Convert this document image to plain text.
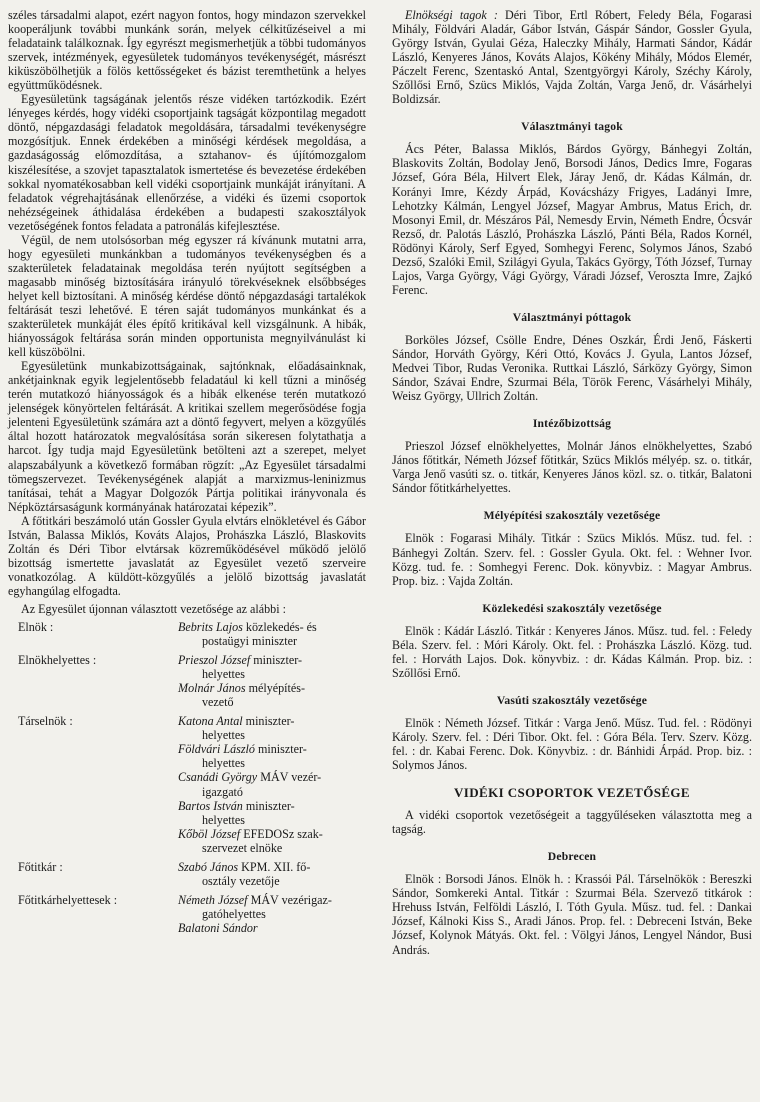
széles társadalmi alapot, ezért nagyon fontos, hogy mindazon szervekkel kooperáljunk további munkánk során, melyek célkitűzéseivel a mi feladataink találkoznak. Így egyrészt megismerhetjük a többi tudományos szervek, intézmények, egyesületek tudományos tevékenységét, másrészt kiküszöbölhetjük a fölös kettősségeket és bázist teremthetünk a helyes együttműködésnek.

Egyesületünk tagságának jelentős része vidéken tartózkodik. Ezért lényeges kérdés, hogy vidéki csoportjaink tagságát központilag megadott döntő, népgazdasági feladatok megoldására, társadalmi tevékenységre mozgósítjuk. Ennek érdekében a minőségi kérdések megoldása, a gazdaságosság előmozdítása, a sztahanov- és újítómozgalom kiszélesítése, a szovjet tapasztalatok ismertetése és bevezetése érdekében sokkal nyomatékosabban kell vidéki csoportjaink munkáját irányítani. A feladatok végrehajtásának ellenőrzése, a vidéki és üzemi csoportok nehézségeinek áthidalása érdekében a budapesti szakosztályok vezetőségének fontos feladata a patronálás kifejlesztése.

Végül, de nem utolsósorban még egyszer rá kívánunk mutatni arra, hogy egyesületi munkánkban a tudományos tevékenységben és a szakterületek feladatainak megoldása terén nyújtott segítségben a magasabb minőség biztosítására irányuló törekvéseknek elsőbbséges helyet kell biztosítani. A minőség kérdése döntő népgazdasági tartalékok feltárását teszi lehetővé. E téren saját tudományos munkánkat és a szakterületek munkáját éles építő kritikával kell vizsgálnunk. A hibák, hiányosságok feltárása során minden opportunista megnyilvánulást ki kell küszöbölni.

Egyesületünk munkabizottságainak, sajtónknak, előadásainknak, ankétjainknak egyik legjelentősebb feladatául ki kell tűzni a minőség terén mutatkozó hiányosságok és a hibák elkenése terén mutatkozó jelenségek könyörtelen feltárását. A kritikai szellem megerősödése fogja jelenteni Egyesületünk számára azt a döntő fegyvert, melyen a közgyűlés által hozott határozatok megvalósítása során sikeresen folytathatja a harcot. Így tudja majd Egyesületünk betölteni azt a szerepet, melyet alapszabályunk a következő formában rögzít: „Az Egyesület társadalmi tömegszervezet. Tevékenységének alapját a marxizmus-leninizmus tanításai, tehát a Magyar Dolgozók Pártja politikai irányvonala és Népköztársaságunk kormányának határozatai képezik”.

A főtitkári beszámoló után Gossler Gyula elvtárs elnökletével és Gábor István, Balassa Miklós, Kováts Alajos, Prohászka László, Blaskovits Zoltán és Déri Tibor elvtársak közreműködésével működő jelölő bizottság ismertette javaslatát az Egyesület vezető szerveire vonatkozólag. A küldött-közgyűlés a jelölő bizottság javaslatát egyhangúlag elfogadta.

Az Egyesület újonnan választott vezetősége az alábbi :

Elnök :	Bebrits Lajos közlekedés- és
postaügyi miniszter
Elnökhelyettes :	Prieszol József miniszter-
helyettes
Molnár János mélyépítés-
vezető
Társelnök :	Katona Antal miniszter-
helyettes
Földvári László miniszter-
helyettes
Csanádi György MÁV vezér-
igazgató
Bartos István miniszter-
helyettes
Kőböl József EFEDOSz szak-
szervezet elnöke
Főtitkár :	Szabó János KPM. XII. fő-
osztály vezetője
Főtitkárhelyettesek :	Németh József MÁV vezérigaz-
gatóhelyettes
Balatoni Sándor

Elnökségi tagok : Déri Tibor, Ertl Róbert, Feledy Béla, Fogarasi Mihály, Földvári Aladár, Gábor István, Gáspár Sándor, Gossler Gyula, György István, Gyulai Géza, Haleczky Mihály, Harmati Sándor, Kádár László, Kenyeres János, Kováts Alajos, Kökény Mihály, Módos Elemér, Páczelt Ferenc, Szentaskó Antal, Szentgyörgyi Károly, Széchy Károly, Szőllősi Ernő, Szücs Miklós, Vajda Zoltán, Varga Jenő, dr. Vásárhelyi Boldizsár.

Választmányi tagok

Ács Péter, Balassa Miklós, Bárdos György, Bánhegyi Zoltán, Blaskovits Zoltán, Bodolay Jenő, Borsodi János, Dedics Imre, Fogaras József, Góra Béla, Hilvert Elek, Járay Jenő, dr. Kádas Kálmán, dr. Korányi Imre, Kézdy Árpád, Kovácsházy Frigyes, Ladányi Imre, Lehotzky Kálmán, Lengyel József, Magyar Ambrus, Matus Erich, dr. Mosonyi Emil, dr. Mészáros Pál, Nemesdy Ervin, Németh Endre, Ócsvár Rezső, dr. Palotás László, Prohászka László, Pánti Béla, Rados Kornél, Rödönyi Károly, Serf Egyed, Somhegyi Ferenc, Solymos János, Szabó Dezső, Szalóki Emil, Szilágyi Gyula, Takács György, Tóth József, Turnay Lajos, Varga György, Vági György, Váradi József, Veroszta Imre, Zajkó Ferenc.

Választmányi póttagok

Borköles József, Csölle Endre, Dénes Oszkár, Érdi Jenő, Fáskerti Sándor, Horváth György, Kéri Ottó, Kovács J. Gyula, Lantos József, Medvei Tibor, Rudas Veronika. Ruttkai László, Sárközy György, Simon Sándor, Szávai Endre, Szurmai Béla, Török Ferenc, Vásárhelyi Mihály, Weisz György, Ullrich Zoltán.

Intézőbizottság

Prieszol József elnökhelyettes, Molnár János elnökhelyettes, Szabó János főtitkár, Németh József főtitkár, Szücs Miklós mélyép. sz. o. titkár, Varga Jenő vasúti sz. o. titkár, Kenyeres János közl. sz. o. titkár, Balatoni Sándor főtitkárhelyettes.

Mélyépítési szakosztály vezetősége

Elnök : Fogarasi Mihály. Titkár : Szücs Miklós. Műsz. tud. fel. : Bánhegyi Zoltán. Szerv. fel. : Gossler Gyula. Okt. fel. : Wehner Ivor. Közg. tud. fe. : Somhegyi Ferenc. Dok. könyvbiz. : Magyar Ambrus. Prop. biz. : Vajda Zoltán.

Közlekedési szakosztály vezetősége

Elnök : Kádár László. Titkár : Kenyeres János. Műsz. tud. fel. : Feledy Béla. Szerv. fel. : Móri Károly. Okt. fel. : Prohászka László. Közg. tud. fel. : Horváth Lajos. Dok. könyvbiz. : dr. Kádas Kálmán. Prop. biz. : Szőllősi Ernő.

Vasúti szakosztály vezetősége

Elnök : Németh József. Titkár : Varga Jenő. Műsz. Tud. fel. : Rödönyi Károly. Szerv. fel. : Déri Tibor. Okt. fel. : Góra Béla. Terv. Szerv. Közg. fel. : dr. Kabai Ferenc. Dok. Könyvbiz. : dr. Bánhidi Árpád. Prop. biz. : Solymos János.

VIDÉKI CSOPORTOK VEZETŐSÉGE

A vidéki csoportok vezetőségeit a taggyűléseken választotta meg a tagság.

Debrecen

Elnök : Borsodi János. Elnök h. : Krassói Pál. Társelnökök : Bereszki Sándor, Somkereki Antal. Titkár : Szurmai Béla. Szervező titkárok : Hrehuss István, Felföldi László, I. Tóth Gyula. Műsz. tud. fel. : Dankai József, Kálnoki Kiss S., Aradi János. Prop. fel. : Debreceni István, Beke József, Kolynok Mátyás. Okt. fel. : Völgyi János, Lengyel Nándor, Busi András.
